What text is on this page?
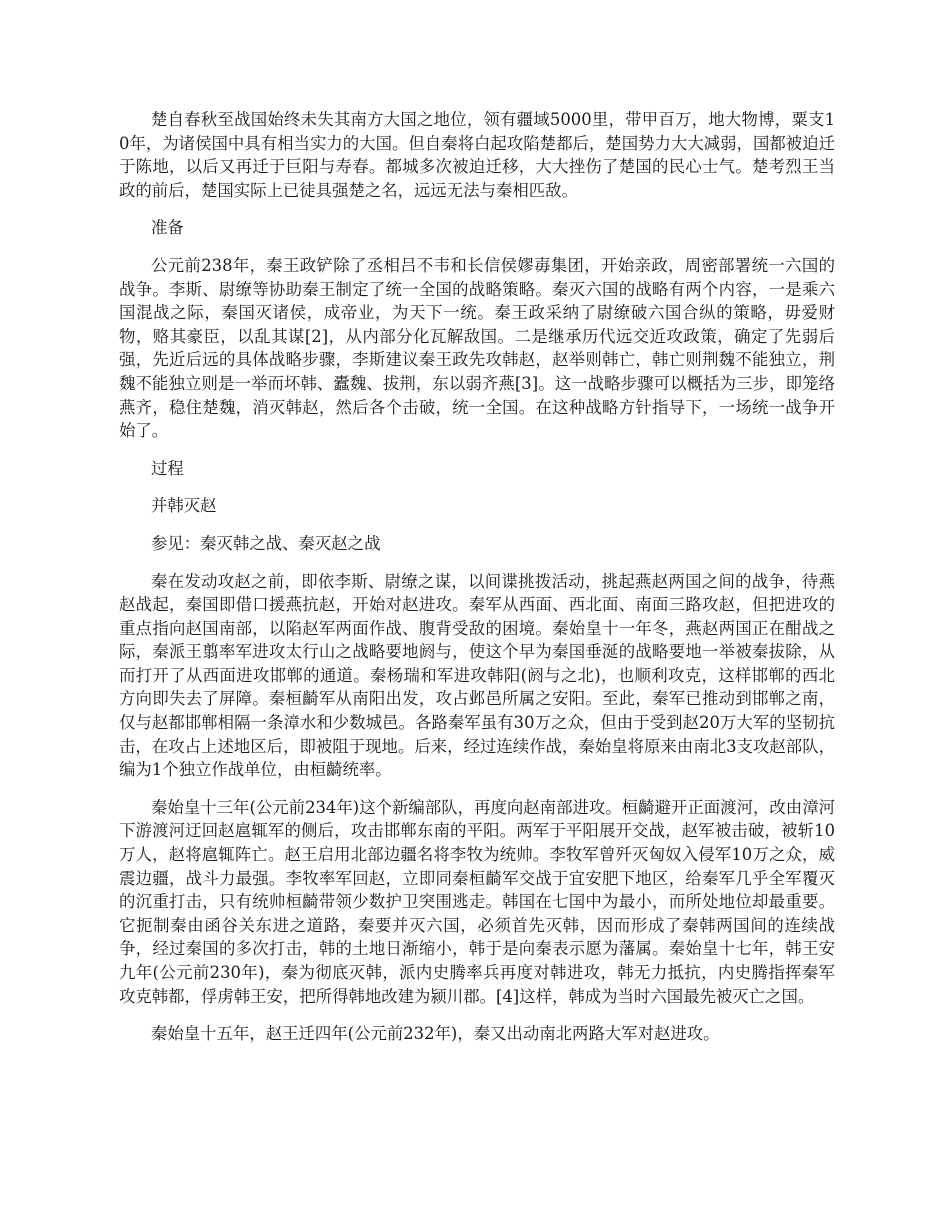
楚自春秋至战国始终未失其南方大国之地位，领有疆域5000里，带甲百万，地大物博，粟支10年，为诸侯国中具有相当实力的大国。但自秦将白起攻陷楚都后，楚国势力大大减弱，国都被迫迁于陈地，以后又再迁于巨阳与寿春。都城多次被迫迁移，大大挫伤了楚国的民心士气。楚考烈王当政的前后，楚国实际上已徒具强楚之名，远远无法与秦相匹敌。

准备

公元前238年，秦王政铲除了丞相吕不韦和长信侯嫪毐集团，开始亲政，周密部署统一六国的战争。李斯、尉缭等协助秦王制定了统一全国的战略策略。秦灭六国的战略有两个内容，一是乘六国混战之际，秦国灭诸侯，成帝业，为天下一统。秦王政采纳了尉缭破六国合纵的策略，毋爱财物，赂其豪臣，以乱其谋[2]，从内部分化瓦解敌国。二是继承历代远交近攻政策，确定了先弱后强，先近后远的具体战略步骤，李斯建议秦王政先攻韩赵，赵举则韩亡，韩亡则荆魏不能独立，荆魏不能独立则是一举而坏韩、蠹魏、拔荆，东以弱齐燕[3]。这一战略步骤可以概括为三步，即笼络燕齐，稳住楚魏，消灭韩赵，然后各个击破，统一全国。在这种战略方针指导下，一场统一战争开始了。

过程

并韩灭赵

参见：秦灭韩之战、秦灭赵之战

秦在发动攻赵之前，即依李斯、尉缭之谋，以间谍挑拨活动，挑起燕赵两国之间的战争，待燕赵战起，秦国即借口援燕抗赵，开始对赵进攻。秦军从西面、西北面、南面三路攻赵，但把进攻的重点指向赵国南部，以陷赵军两面作战、腹背受敌的困境。秦始皇十一年冬，燕赵两国正在酣战之际，秦派王翦率军进攻太行山之战略要地阏与，使这个早为秦国垂涎的战略要地一举被秦拔除，从而打开了从西面进攻邯郸的通道。秦杨瑞和军进攻韩阳(阏与之北)，也顺利攻克，这样邯郸的西北方向即失去了屏障。秦桓齮军从南阳出发，攻占邺邑所属之安阳。至此，秦军已推动到邯郸之南，仅与赵都邯郸相隔一条漳水和少数城邑。各路秦军虽有30万之众，但由于受到赵20万大军的坚韧抗击，在攻占上述地区后，即被阻于现地。后来，经过连续作战，秦始皇将原来由南北3支攻赵部队，编为1个独立作战单位，由桓齮统率。

秦始皇十三年(公元前234年)这个新编部队，再度向赵南部进攻。桓齮避开正面渡河，改由漳河下游渡河迂回赵扈辄军的侧后，攻击邯郸东南的平阳。两军于平阳展开交战，赵军被击破，被斩10万人，赵将扈辄阵亡。赵王启用北部边疆名将李牧为统帅。李牧军曾歼灭匈奴入侵军10万之众，威震边疆，战斗力最强。李牧率军回赵，立即同秦桓齮军交战于宜安肥下地区，给秦军几乎全军覆灭的沉重打击，只有统帅桓齮带领少数护卫突围逃走。韩国在七国中为最小，而所处地位却最重要。它扼制秦由函谷关东进之道路，秦要并灭六国，必须首先灭韩，因而形成了秦韩两国间的连续战争，经过秦国的多次打击，韩的土地日渐缩小，韩于是向秦表示愿为藩属。秦始皇十七年，韩王安九年(公元前230年)，秦为彻底灭韩，派内史腾率兵再度对韩进攻，韩无力抵抗，内史腾指挥秦军攻克韩都，俘虏韩王安，把所得韩地改建为颍川郡。[4]这样，韩成为当时六国最先被灭亡之国。

秦始皇十五年，赵王迁四年(公元前232年)，秦又出动南北两路大军对赵进攻。
